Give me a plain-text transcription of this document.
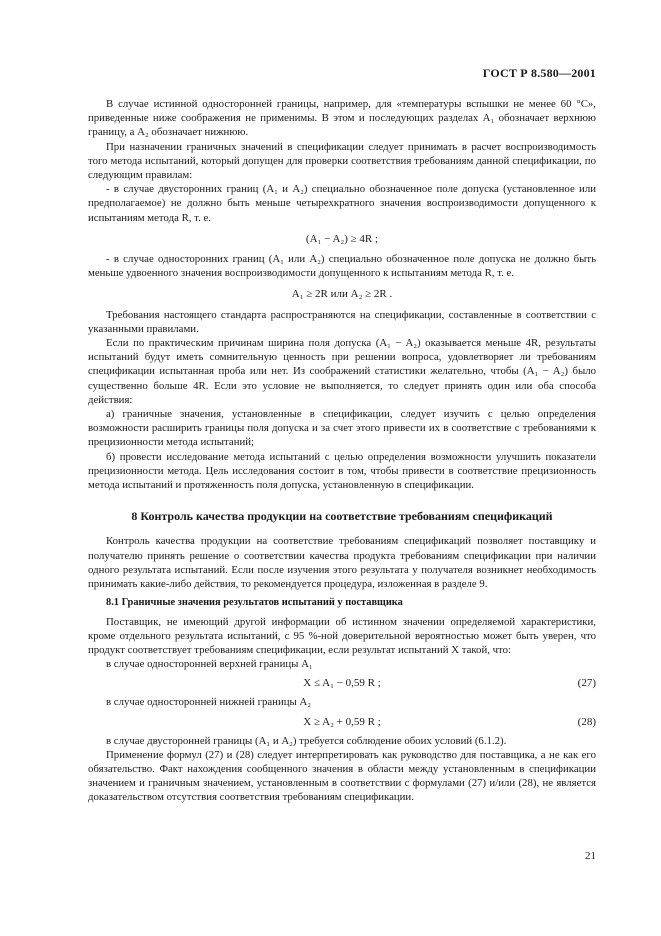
ГОСТ Р 8.580—2001

В случае истинной односторонней границы, например, для «температуры вспышки не менее 60 °С», приведенные ниже соображения не применимы. В этом и последующих разделах A₁ обозначает верхнюю границу, а A₂ обозначает нижнюю.

При назначении граничных значений в спецификации следует принимать в расчет воспроизводимость того метода испытаний, который допущен для проверки соответствия требованиям данной спецификации, по следующим правилам:

- в случае двусторонних границ (A₁ и A₂) специально обозначенное поле допуска (установленное или предполагаемое) не должно быть меньше четырехкратного значения воспроизводимости допущенного к испытаниям метода R, т. е.

(A₁ − A₂) ≥ 4R ;

- в случае односторонних границ (A₁ или A₂) специально обозначенное поле допуска не должно быть меньше удвоенного значения воспроизводимости допущенного к испытаниям метода R, т. е.

A₁ ≥ 2R или A₂ ≥ 2R .

Требования настоящего стандарта распространяются на спецификации, составленные в соответствии с указанными правилами.

Если по практическим причинам ширина поля допуска (A₁ − A₂) оказывается меньше 4R, результаты испытаний будут иметь сомнительную ценность при решении вопроса, удовлетворяет ли требованиям спецификации испытанная проба или нет. Из соображений статистики желательно, чтобы (A₁ − A₂) было существенно больше 4R. Если это условие не выполняется, то следует принять один или оба способа действия:

а) граничные значения, установленные в спецификации, следует изучить с целью определения возможности расширить границы поля допуска и за счет этого привести их в соответствие с требованиями к прецизионности метода испытаний;

б) провести исследование метода испытаний с целью определения возможности улучшить показатели прецизионности метода. Цель исследования состоит в том, чтобы привести в соответствие прецизионность метода испытаний и протяженность поля допуска, установленную в спецификации.

8 Контроль качества продукции на соответствие требованиям спецификаций

Контроль качества продукции на соответствие требованиям спецификаций позволяет поставщику и получателю принять решение о соответствии качества продукта требованиям спецификации при наличии одного результата испытаний. Если после изучения этого результата у получателя возникнет необходимость принимать какие-либо действия, то рекомендуется процедура, изложенная в разделе 9.

8.1 Граничные значения результатов испытаний у поставщика

Поставщик, не имеющий другой информации об истинном значении определяемой характеристики, кроме отдельного результата испытаний, с 95 %-ной доверительной вероятностью может быть уверен, что продукт соответствует требованиям спецификации, если результат испытаний X такой, что:

в случае односторонней верхней границы A₁

X ≤ A₁ − 0,59 R ;	(27)

в случае односторонней нижней границы A₂

X ≥ A₂ + 0,59 R ;	(28)

в случае двусторонней границы (A₁ и A₂) требуется соблюдение обоих условий (6.1.2).

Применение формул (27) и (28) следует интерпретировать как руководство для поставщика, а не как его обязательство. Факт нахождения сообщенного значения в области между установленным в спецификации значением и граничным значением, установленным в соответствии с формулами (27) и/или (28), не является доказательством отсутствия соответствия требованиям спецификации.

21
